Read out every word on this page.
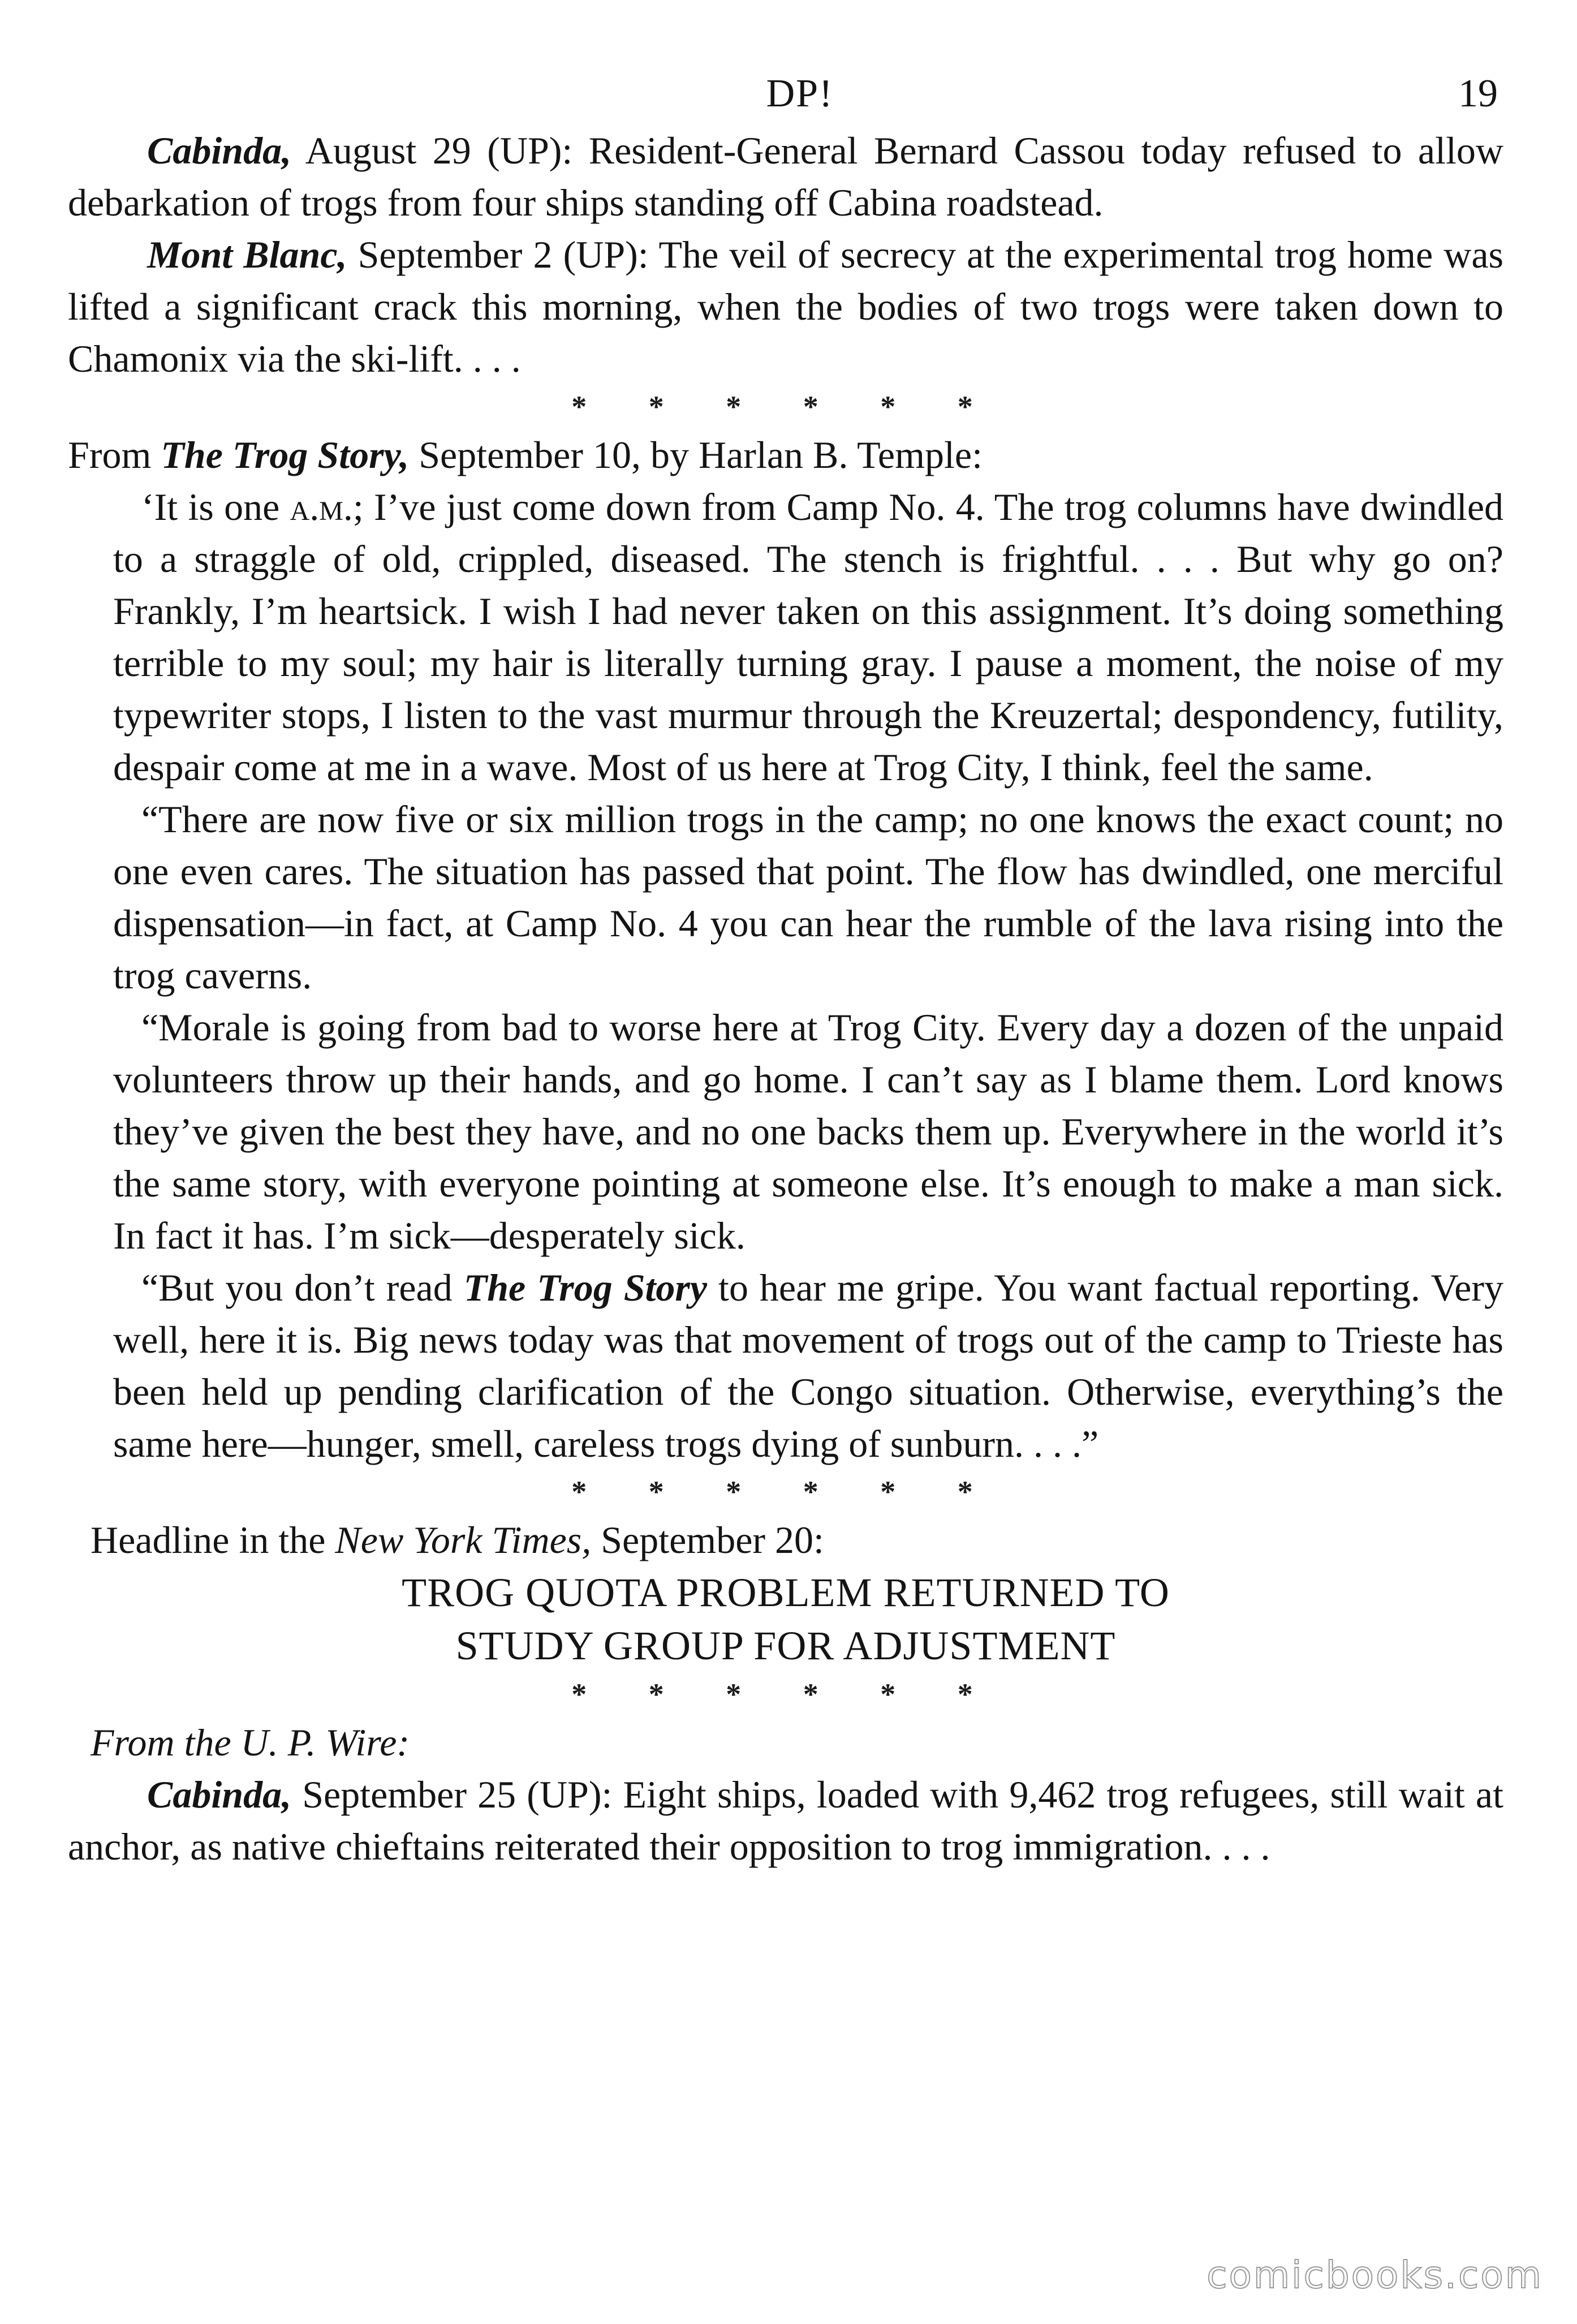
DP!	19

Cabinda, August 29 (UP): Resident-General Bernard Cassou today refused to allow debarkation of trogs from four ships standing off Cabina roadstead.

Mont Blanc, September 2 (UP): The veil of secrecy at the experimental trog home was lifted a significant crack this morning, when the bodies of two trogs were taken down to Chamonix via the ski-lift. . . .

* * * * * *

From The Trog Story, September 10, by Harlan B. Temple:

‘It is one a.m.; I’ve just come down from Camp No. 4. The trog columns have dwindled to a straggle of old, crippled, diseased. The stench is frightful. . . . But why go on? Frankly, I’m heartsick. I wish I had never taken on this assignment. It’s doing something terrible to my soul; my hair is literally turning gray. I pause a moment, the noise of my typewriter stops, I listen to the vast murmur through the Kreuzertal; despondency, futility, despair come at me in a wave. Most of us here at Trog City, I think, feel the same.

“There are now five or six million trogs in the camp; no one knows the exact count; no one even cares. The situation has passed that point. The flow has dwindled, one merciful dispensation—in fact, at Camp No. 4 you can hear the rumble of the lava rising into the trog caverns.

“Morale is going from bad to worse here at Trog City. Every day a dozen of the unpaid volunteers throw up their hands, and go home. I can’t say as I blame them. Lord knows they’ve given the best they have, and no one backs them up. Everywhere in the world it’s the same story, with everyone pointing at someone else. It’s enough to make a man sick. In fact it has. I’m sick—desperately sick.

“But you don’t read The Trog Story to hear me gripe. You want factual reporting. Very well, here it is. Big news today was that movement of trogs out of the camp to Trieste has been held up pending clarification of the Congo situation. Otherwise, everything’s the same here—hunger, smell, careless trogs dying of sunburn. . . .”

* * * * * *

Headline in the New York Times, September 20:

TROG QUOTA PROBLEM RETURNED TO
STUDY GROUP FOR ADJUSTMENT
* * * * * *

From the U. P. Wire:

Cabinda, September 25 (UP): Eight ships, loaded with 9,462 trog refugees, still wait at anchor, as native chieftains reiterated their opposition to trog immigration. . . .

comicbooks.com
